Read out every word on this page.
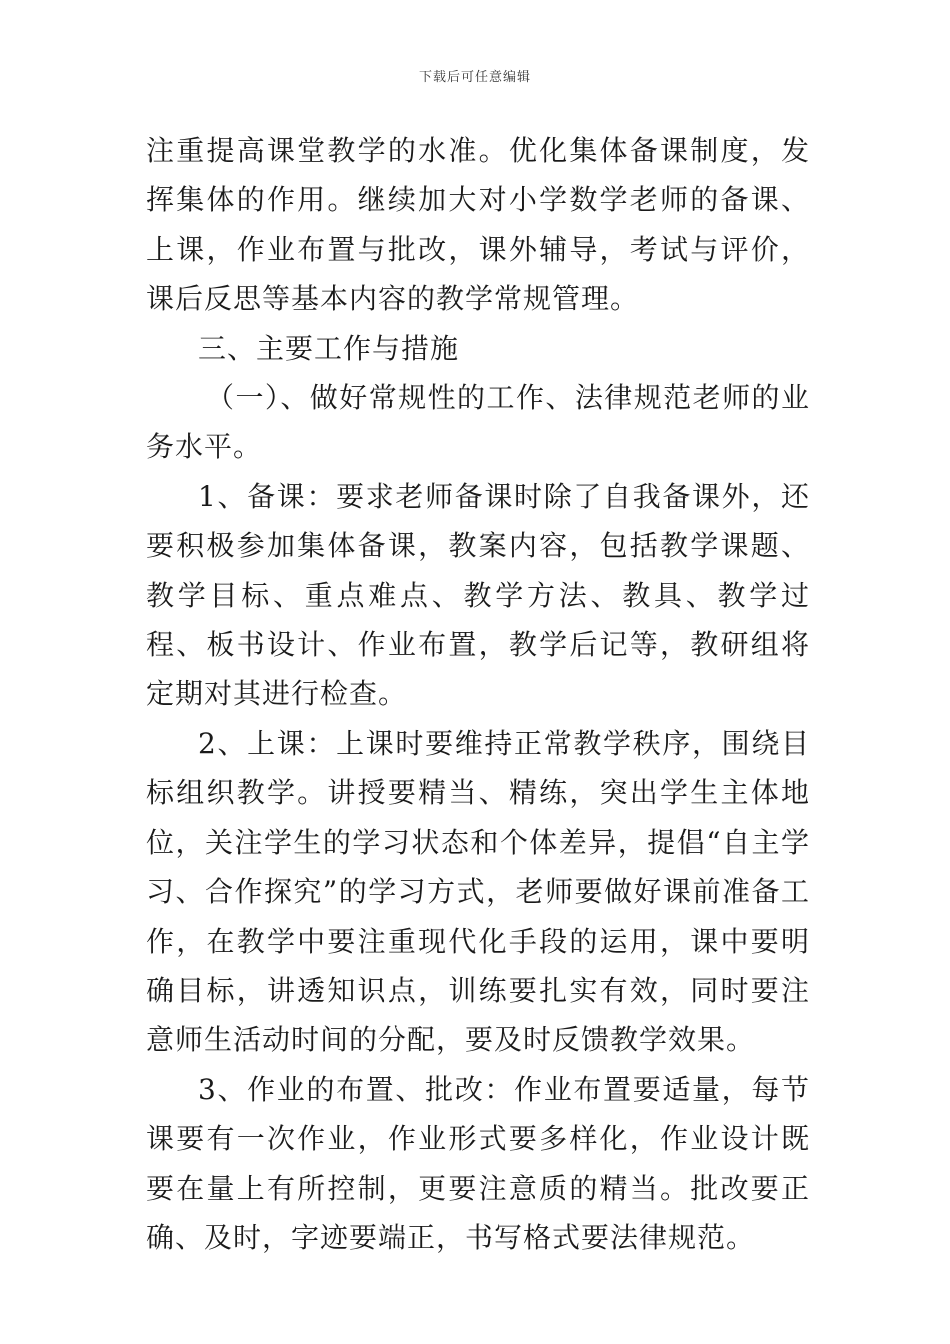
下载后可任意编辑

注重提高课堂教学的水准。优化集体备课制度，发挥集体的作用。继续加大对小学数学老师的备课、上课，作业布置与批改，课外辅导，考试与评价，课后反思等基本内容的教学常规管理。

三、主要工作与措施

（一）、做好常规性的工作、法律规范老师的业务水平。

1、备课：要求老师备课时除了自我备课外，还要积极参加集体备课，教案内容，包括教学课题、教学目标、重点难点、教学方法、教具、教学过程、板书设计、作业布置，教学后记等，教研组将定期对其进行检查。

2、上课：上课时要维持正常教学秩序，围绕目标组织教学。讲授要精当、精练，突出学生主体地位，关注学生的学习状态和个体差异，提倡“自主学习、合作探究”的学习方式，老师要做好课前准备工作，在教学中要注重现代化手段的运用，课中要明确目标，讲透知识点，训练要扎实有效，同时要注意师生活动时间的分配，要及时反馈教学效果。

3、作业的布置、批改：作业布置要适量，每节课要有一次作业，作业形式要多样化，作业设计既要在量上有所控制，更要注意质的精当。批改要正确、及时，字迹要端正，书写格式要法律规范。
